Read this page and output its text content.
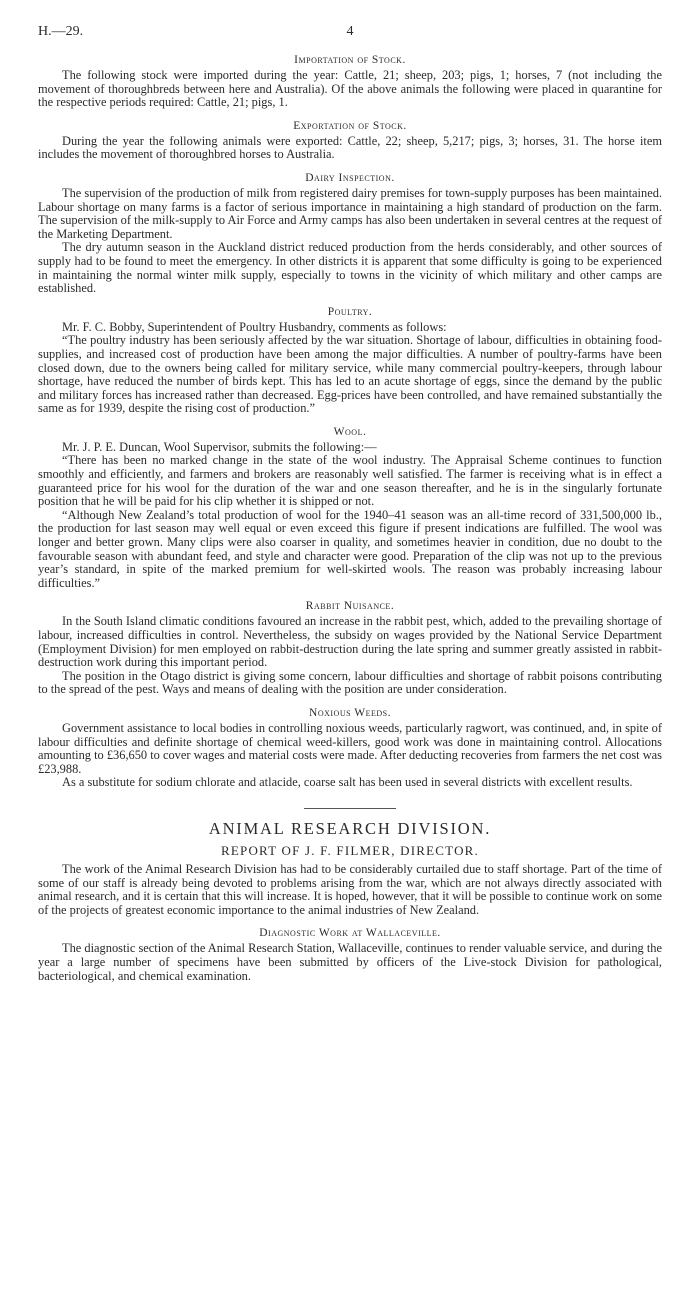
H.—29.	4
Importation of Stock.

The following stock were imported during the year: Cattle, 21; sheep, 203; pigs, 1; horses, 7 (not including the movement of thoroughbreds between here and Australia). Of the above animals the following were placed in quarantine for the respective periods required: Cattle, 21; pigs, 1.

Exportation of Stock.

During the year the following animals were exported: Cattle, 22; sheep, 5,217; pigs, 3; horses, 31. The horse item includes the movement of thoroughbred horses to Australia.

Dairy Inspection.

The supervision of the production of milk from registered dairy premises for town-supply purposes has been maintained. Labour shortage on many farms is a factor of serious importance in maintaining a high standard of production on the farm. The supervision of the milk-supply to Air Force and Army camps has also been undertaken in several centres at the request of the Marketing Department.

The dry autumn season in the Auckland district reduced production from the herds considerably, and other sources of supply had to be found to meet the emergency. In other districts it is apparent that some difficulty is going to be experienced in maintaining the normal winter milk supply, especially to towns in the vicinity of which military and other camps are established.

Poultry.

Mr. F. C. Bobby, Superintendent of Poultry Husbandry, comments as follows:

“The poultry industry has been seriously affected by the war situation. Shortage of labour, difficulties in obtaining food-supplies, and increased cost of production have been among the major difficulties. A number of poultry-farms have been closed down, due to the owners being called for military service, while many commercial poultry-keepers, through labour shortage, have reduced the number of birds kept. This has led to an acute shortage of eggs, since the demand by the public and military forces has increased rather than decreased. Egg-prices have been controlled, and have remained substantially the same as for 1939, despite the rising cost of production.”

Wool.

Mr. J. P. E. Duncan, Wool Supervisor, submits the following:—

“There has been no marked change in the state of the wool industry. The Appraisal Scheme continues to function smoothly and efficiently, and farmers and brokers are reasonably well satisfied. The farmer is receiving what is in effect a guaranteed price for his wool for the duration of the war and one season thereafter, and he is in the singularly fortunate position that he will be paid for his clip whether it is shipped or not.

“Although New Zealand’s total production of wool for the 1940–41 season was an all-time record of 331,500,000 lb., the production for last season may well equal or even exceed this figure if present indications are fulfilled. The wool was longer and better grown. Many clips were also coarser in quality, and sometimes heavier in condition, due no doubt to the favourable season with abundant feed, and style and character were good. Preparation of the clip was not up to the previous year’s standard, in spite of the marked premium for well-skirted wools. The reason was probably increasing labour difficulties.”

Rabbit Nuisance.

In the South Island climatic conditions favoured an increase in the rabbit pest, which, added to the prevailing shortage of labour, increased difficulties in control. Nevertheless, the subsidy on wages provided by the National Service Department (Employment Division) for men employed on rabbit-destruction during the late spring and summer greatly assisted in rabbit-destruction work during this important period.

The position in the Otago district is giving some concern, labour difficulties and shortage of rabbit poisons contributing to the spread of the pest. Ways and means of dealing with the position are under consideration.

Noxious Weeds.

Government assistance to local bodies in controlling noxious weeds, particularly ragwort, was continued, and, in spite of labour difficulties and definite shortage of chemical weed-killers, good work was done in maintaining control. Allocations amounting to £36,650 to cover wages and material costs were made. After deducting recoveries from farmers the net cost was £23,988.

As a substitute for sodium chlorate and atlacide, coarse salt has been used in several districts with excellent results.

ANIMAL RESEARCH DIVISION.
REPORT OF J. F. FILMER, DIRECTOR.

The work of the Animal Research Division has had to be considerably curtailed due to staff shortage. Part of the time of some of our staff is already being devoted to problems arising from the war, which are not always directly associated with animal research, and it is certain that this will increase. It is hoped, however, that it will be possible to continue work on some of the projects of greatest economic importance to the animal industries of New Zealand.

Diagnostic Work at Wallaceville.

The diagnostic section of the Animal Research Station, Wallaceville, continues to render valuable service, and during the year a large number of specimens have been submitted by officers of the Live-stock Division for pathological, bacteriological, and chemical examination.
